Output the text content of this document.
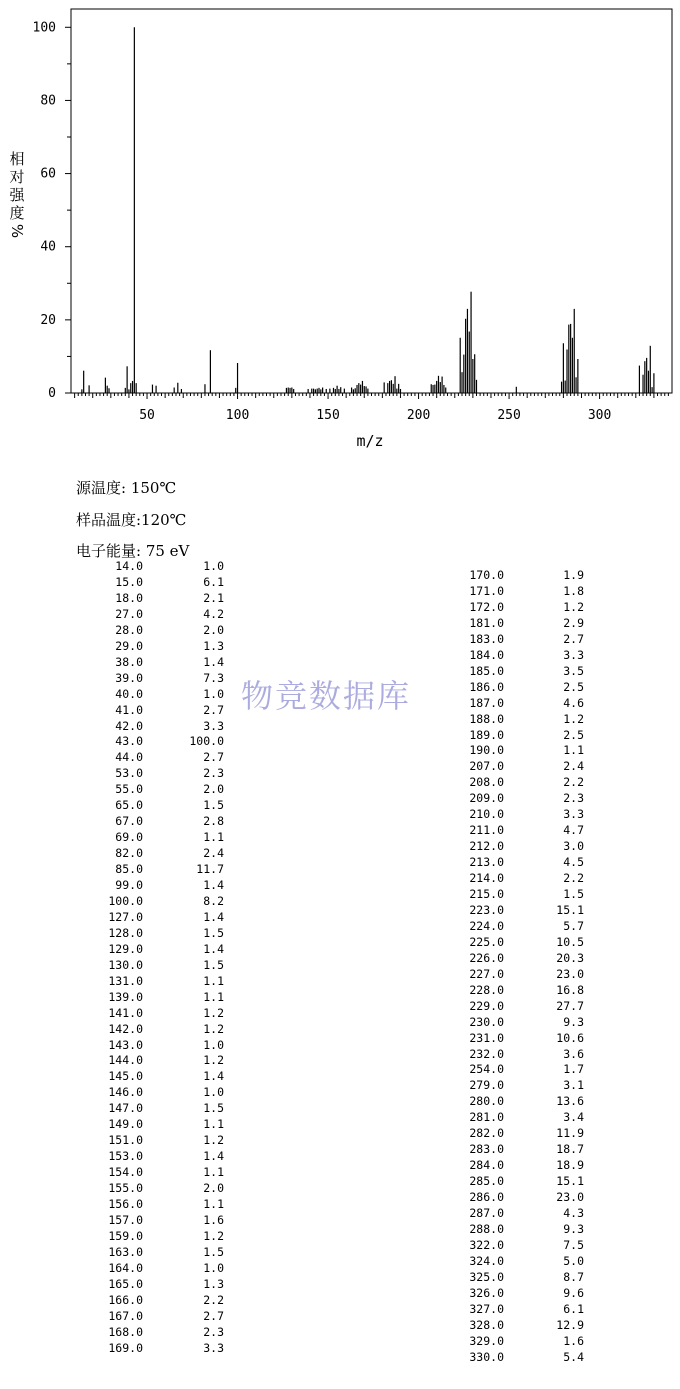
50	100	150	200	250	300
0
20
40
60
80
100
m/z
相
对
强
度
%
源温度: 150℃
样品温度:120℃
电子能量: 75 eV
14.0	1.0
15.0	6.1
18.0	2.1
27.0	4.2
28.0	2.0
29.0	1.3
38.0	1.4
39.0	7.3
40.0	1.0
41.0	2.7
42.0	3.3
43.0	100.0
44.0	2.7
53.0	2.3
55.0	2.0
65.0	1.5
67.0	2.8
69.0	1.1
82.0	2.4
85.0	11.7
99.0	1.4
100.0	8.2
127.0	1.4
128.0	1.5
129.0	1.4
130.0	1.5
131.0	1.1
139.0	1.1
141.0	1.2
142.0	1.2
143.0	1.0
144.0	1.2
145.0	1.4
146.0	1.0
147.0	1.5
149.0	1.1
151.0	1.2
153.0	1.4
154.0	1.1
155.0	2.0
156.0	1.1
157.0	1.6
159.0	1.2
163.0	1.5
164.0	1.0
165.0	1.3
166.0	2.2
167.0	2.7
168.0	2.3
169.0	3.3
170.0	1.9
171.0	1.8
172.0	1.2
181.0	2.9
183.0	2.7
184.0	3.3
185.0	3.5
186.0	2.5
187.0	4.6
188.0	1.2
189.0	2.5
190.0	1.1
207.0	2.4
208.0	2.2
209.0	2.3
210.0	3.3
211.0	4.7
212.0	3.0
213.0	4.5
214.0	2.2
215.0	1.5
223.0	15.1
224.0	5.7
225.0	10.5
226.0	20.3
227.0	23.0
228.0	16.8
229.0	27.7
230.0	9.3
231.0	10.6
232.0	3.6
254.0	1.7
279.0	3.1
280.0	13.6
281.0	3.4
282.0	11.9
283.0	18.7
284.0	18.9
285.0	15.1
286.0	23.0
287.0	4.3
288.0	9.3
322.0	7.5
324.0	5.0
325.0	8.7
326.0	9.6
327.0	6.1
328.0	12.9
329.0	1.6
330.0	5.4
物竞数据库
